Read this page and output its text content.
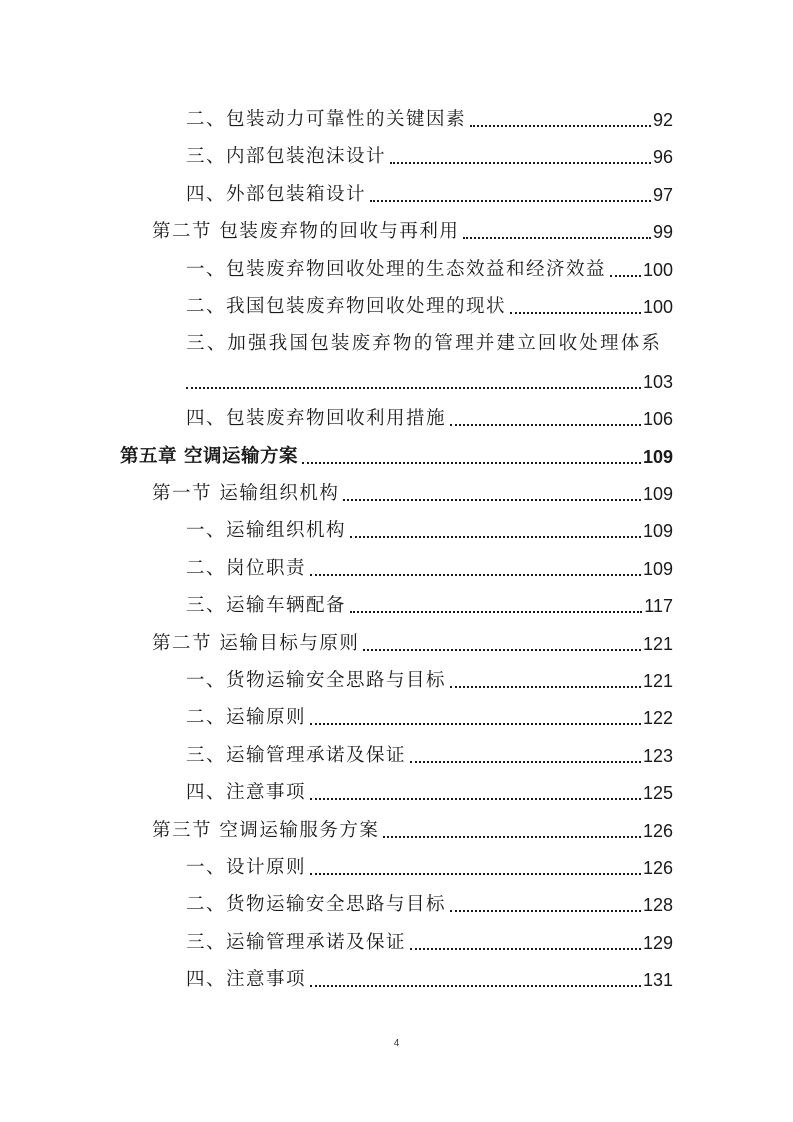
二、包装动力可靠性的关键因素	92
三、内部包装泡沫设计	96
四、外部包装箱设计	97
第二节 包装废弃物的回收与再利用	99
一、包装废弃物回收处理的生态效益和经济效益 100
二、我国包装废弃物回收处理的现状	100
三、加强我国包装废弃物的管理并建立回收处理体系
103
四、包装废弃物回收利用措施	106
第五章 空调运输方案	109
第一节 运输组织机构	109
一、运输组织机构	109
二、岗位职责	109
三、运输车辆配备	117
第二节 运输目标与原则	121
一、货物运输安全思路与目标	121
二、运输原则	122
三、运输管理承诺及保证	123
四、注意事项	125
第三节 空调运输服务方案	126
一、设计原则	126
二、货物运输安全思路与目标	128
三、运输管理承诺及保证	129
四、注意事项	131
4
